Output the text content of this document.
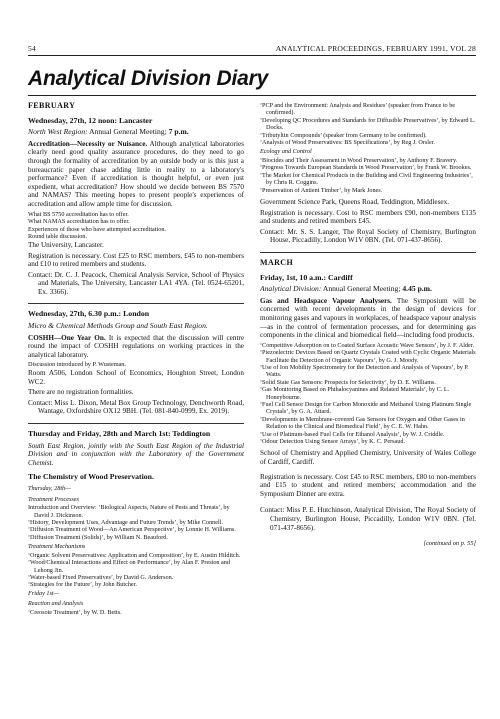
54	ANALYTICAL PROCEEDINGS, FEBRUARY 1991, VOL 28
Analytical Division Diary
FEBRUARY
Wednesday, 27th, 12 noon: Lancaster
North West Region: Annual General Meeting; 7 p.m.

Accreditation—Necessity or Nuisance. Although analytical laboratories clearly need good quality assurance procedures, do they need to go through the formality of accreditation by an outside body or is this just a bureaucratic paper chase adding little in reality to a laboratory's performance? Even if accreditation is thought helpful, or even just expedient, what accreditation? How should we decide between BS 7570 and NAMAS? This meeting hopes to present people's experiences of accreditation and allow ample time for discussion.

What BS 5750 accreditation has to offer.

What NAMAS accreditation has to offer.

Experiences of those who have attempted accreditation.

Round table discussion.

The University, Lancaster.

Registration is necessary. Cost £25 to RSC members, £45 to non-members and £10 to retired members and students.

Contact: Dr. C. J. Peacock, Chemical Analysis Service, School of Physics and Materials, The University, Lancaster LA1 4YA. (Tel. 0524-65201, Ex. 3366).

Wednesday, 27th, 6.30 p.m.: London
Micro & Chemical Methods Group and South East Region.

COSHH—One Year On. It is expected that the discussion will centre round the impact of COSHH regulations on working practices in the analytical laboratory.

Discussion introduced by P. Wusteman.

Room A506, London School of Economics, Houghton Street, London WC2.

There are no registration formalities.

Contact: Miss L. Dixon, Metal Box Group Technology, Denchworth Road, Wantage, Oxfordshire OX12 9BH. (Tel. 081-840-0999, Ex. 2019).

Thursday and Friday, 28th and March 1st: Teddington

South East Region, jointly with the South East Region of the Industrial Division and in conjunction with the Laboratory of the Government Chemist.

The Chemistry of Wood Preservation.

Thursday, 28th—

Treatment Processes

Introduction and Overview: ‘Biological Aspects, Nature of Pests and Threats’, by David J. Dickinson.

‘History, Development Uses, Advantage and Future Trends’, by Mike Connell.

‘Diffusion Treatment of Wood—An American Perspective’, by Lonnie H. Williams.

‘Diffusion Treatment (Solids)’, by William N. Beauford.

Treatment Mechanisms

‘Organic Solvent Preservatives: Application and Composition’, by E. Austin Hilditch.

‘Wood/Chemical Interactions and Effect on Performance’, by Alan F. Preston and Lehong Jin.

‘Water-based Fixed Preservatives’, by David G. Anderson.

‘Strategies for the Future’, by John Butcher.

Friday 1st—

Reaction and Analysis

‘Creosote Treatment’, by W. D. Betts.

‘PCP and the Environment: Analysis and Residues’ (speaker from France to be confirmed).

‘Developing QC Procedures and Standards for Diffusible Preservatives’, by Edward L. Docks.

‘Tributyltin Compounds’ (speaker from Germany to be confirmed).

‘Analysis of Wood Preservatives: BS Specifications’, by Reg J. Orsler.

Ecology and Control

‘Biocides and Their Assessment in Wood Preservation’, by Anthony F. Bravery.

‘Progress Towards European Standards in Wood Preservation’, by Frank W. Brookes.

‘The Market for Chemical Products in the Building and Civil Engineering Industries’, by Chris R. Coggins.

‘Preservation of Antient Timber’, by Mark Jones.

Government Science Park, Queens Road, Teddington, Middlesex.

Registration is necessary. Cost to RSC members £90, non-members £135 and students and retired members £45.

Contact: Mr. S. S. Langer, The Royal Society of Chemistry, Burlington House, Piccadilly, London W1V 0BN. (Tel. 071-437-8656).

MARCH
Friday, 1st, 10 a.m.: Cardiff
Analytical Division: Annual General Meeting; 4.45 p.m.

Gas and Headspace Vapour Analysers. The Symposium will be concerned with recent developments in the design of devices for monitoring gases and vapours in workplaces, of headspace vapour analysis—as in the control of fermentation processes, and for determining gas components in the clinical and biomedical field—including food products.

‘Competitive Adsorption on to Coated Surface Acoustic Wave Sensors’, by J. F. Alder.

‘Piezoelectric Devices Based on Quartz Crystals Coated with Cyclic Organic Materials Facilitate the Detection of Organic Vapours’, by G. J. Moody.

‘Use of Ion Mobility Spectrometry for the Detection and Analysis of Vapours’, by P. Watts.

‘Solid State Gas Sensors: Prospects for Selectivity’, by D. E. Williams.

‘Gas Monitoring Based on Phthalocyanines and Related Materials’, by C. L. Honeybourne.

‘Fuel Cell Sensor Design for Carbon Monoxide and Methanol Using Platinum Single Crystals’, by G. A. Attard.

‘Developments in Membrane-covered Gas Sensors for Oxygen and Other Gases in Relation to the Clinical and Biomedical Field’, by C. E. W. Hahn.

‘Use of Platinum-based Fuel Cells for Ethanol Analysis’, by W. J. Criddle.

‘Odour Detection Using Sensor Arrays’, by K. C. Persaud.

School of Chemistry and Applied Chemistry, University of Wales College of Cardiff, Cardiff.

Registration is necessary. Cost £45 to RSC members, £80 to non-members and £15 to student and retired members; accommodation and the Symposium Dinner are extra.

Contact: Miss P. E. Hutchinson, Analytical Division, The Royal Society of Chemistry, Burlington House, Piccadilly, London W1V 0BN. (Tel. 071-437-8656).

[continued on p. 55]
